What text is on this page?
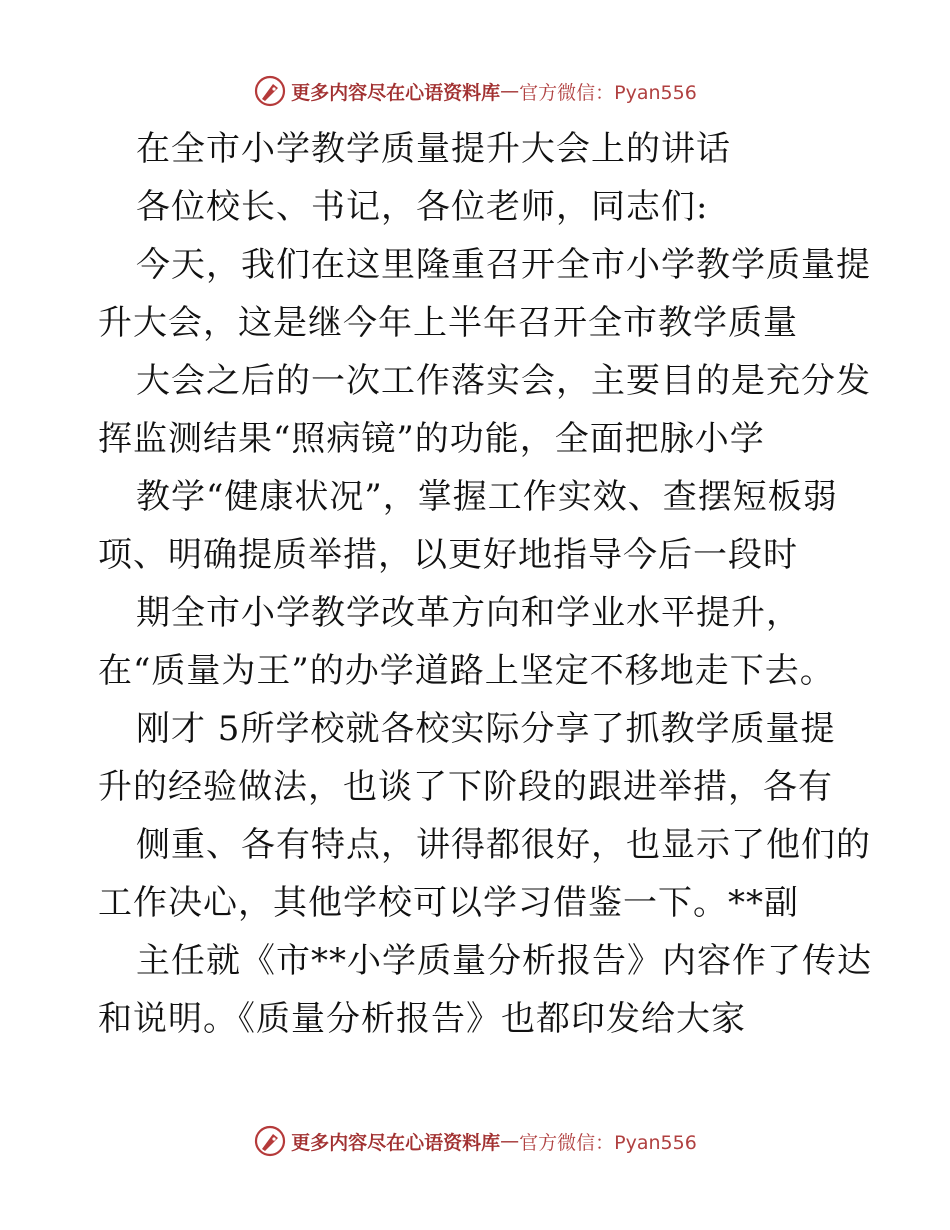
更多内容尽在心语资料库 — 官方微信：Pyan556
在全市小学教学质量提升大会上的讲话
各位校长、书记，各位老师，同志们:
今天，我们在这里隆重召开全市小学教学质量提
升大会，这是继今年上半年召开全市教学质量
大会之后的一次工作落实会，主要目的是充分发
挥监测结果“照病镜”的功能，全面把脉小学
教学“健康状况”，掌握工作实效、查摆短板弱
项、明确提质举措，以更好地指导今后一段时
期全市小学教学改革方向和学业水平提升，
在“质量为王”的办学道路上坚定不移地走下去。
刚才 5所学校就各校实际分享了抓教学质量提
升的经验做法，也谈了下阶段的跟进举措，各有
侧重、各有特点，讲得都很好，也显示了他们的
工作决心，其他学校可以学习借鉴一下。**副
主任就《市**小学质量分析报告》内容作了传达
和说明。《质量分析报告》也都印发给大家
更多内容尽在心语资料库 — 官方微信：Pyan556
